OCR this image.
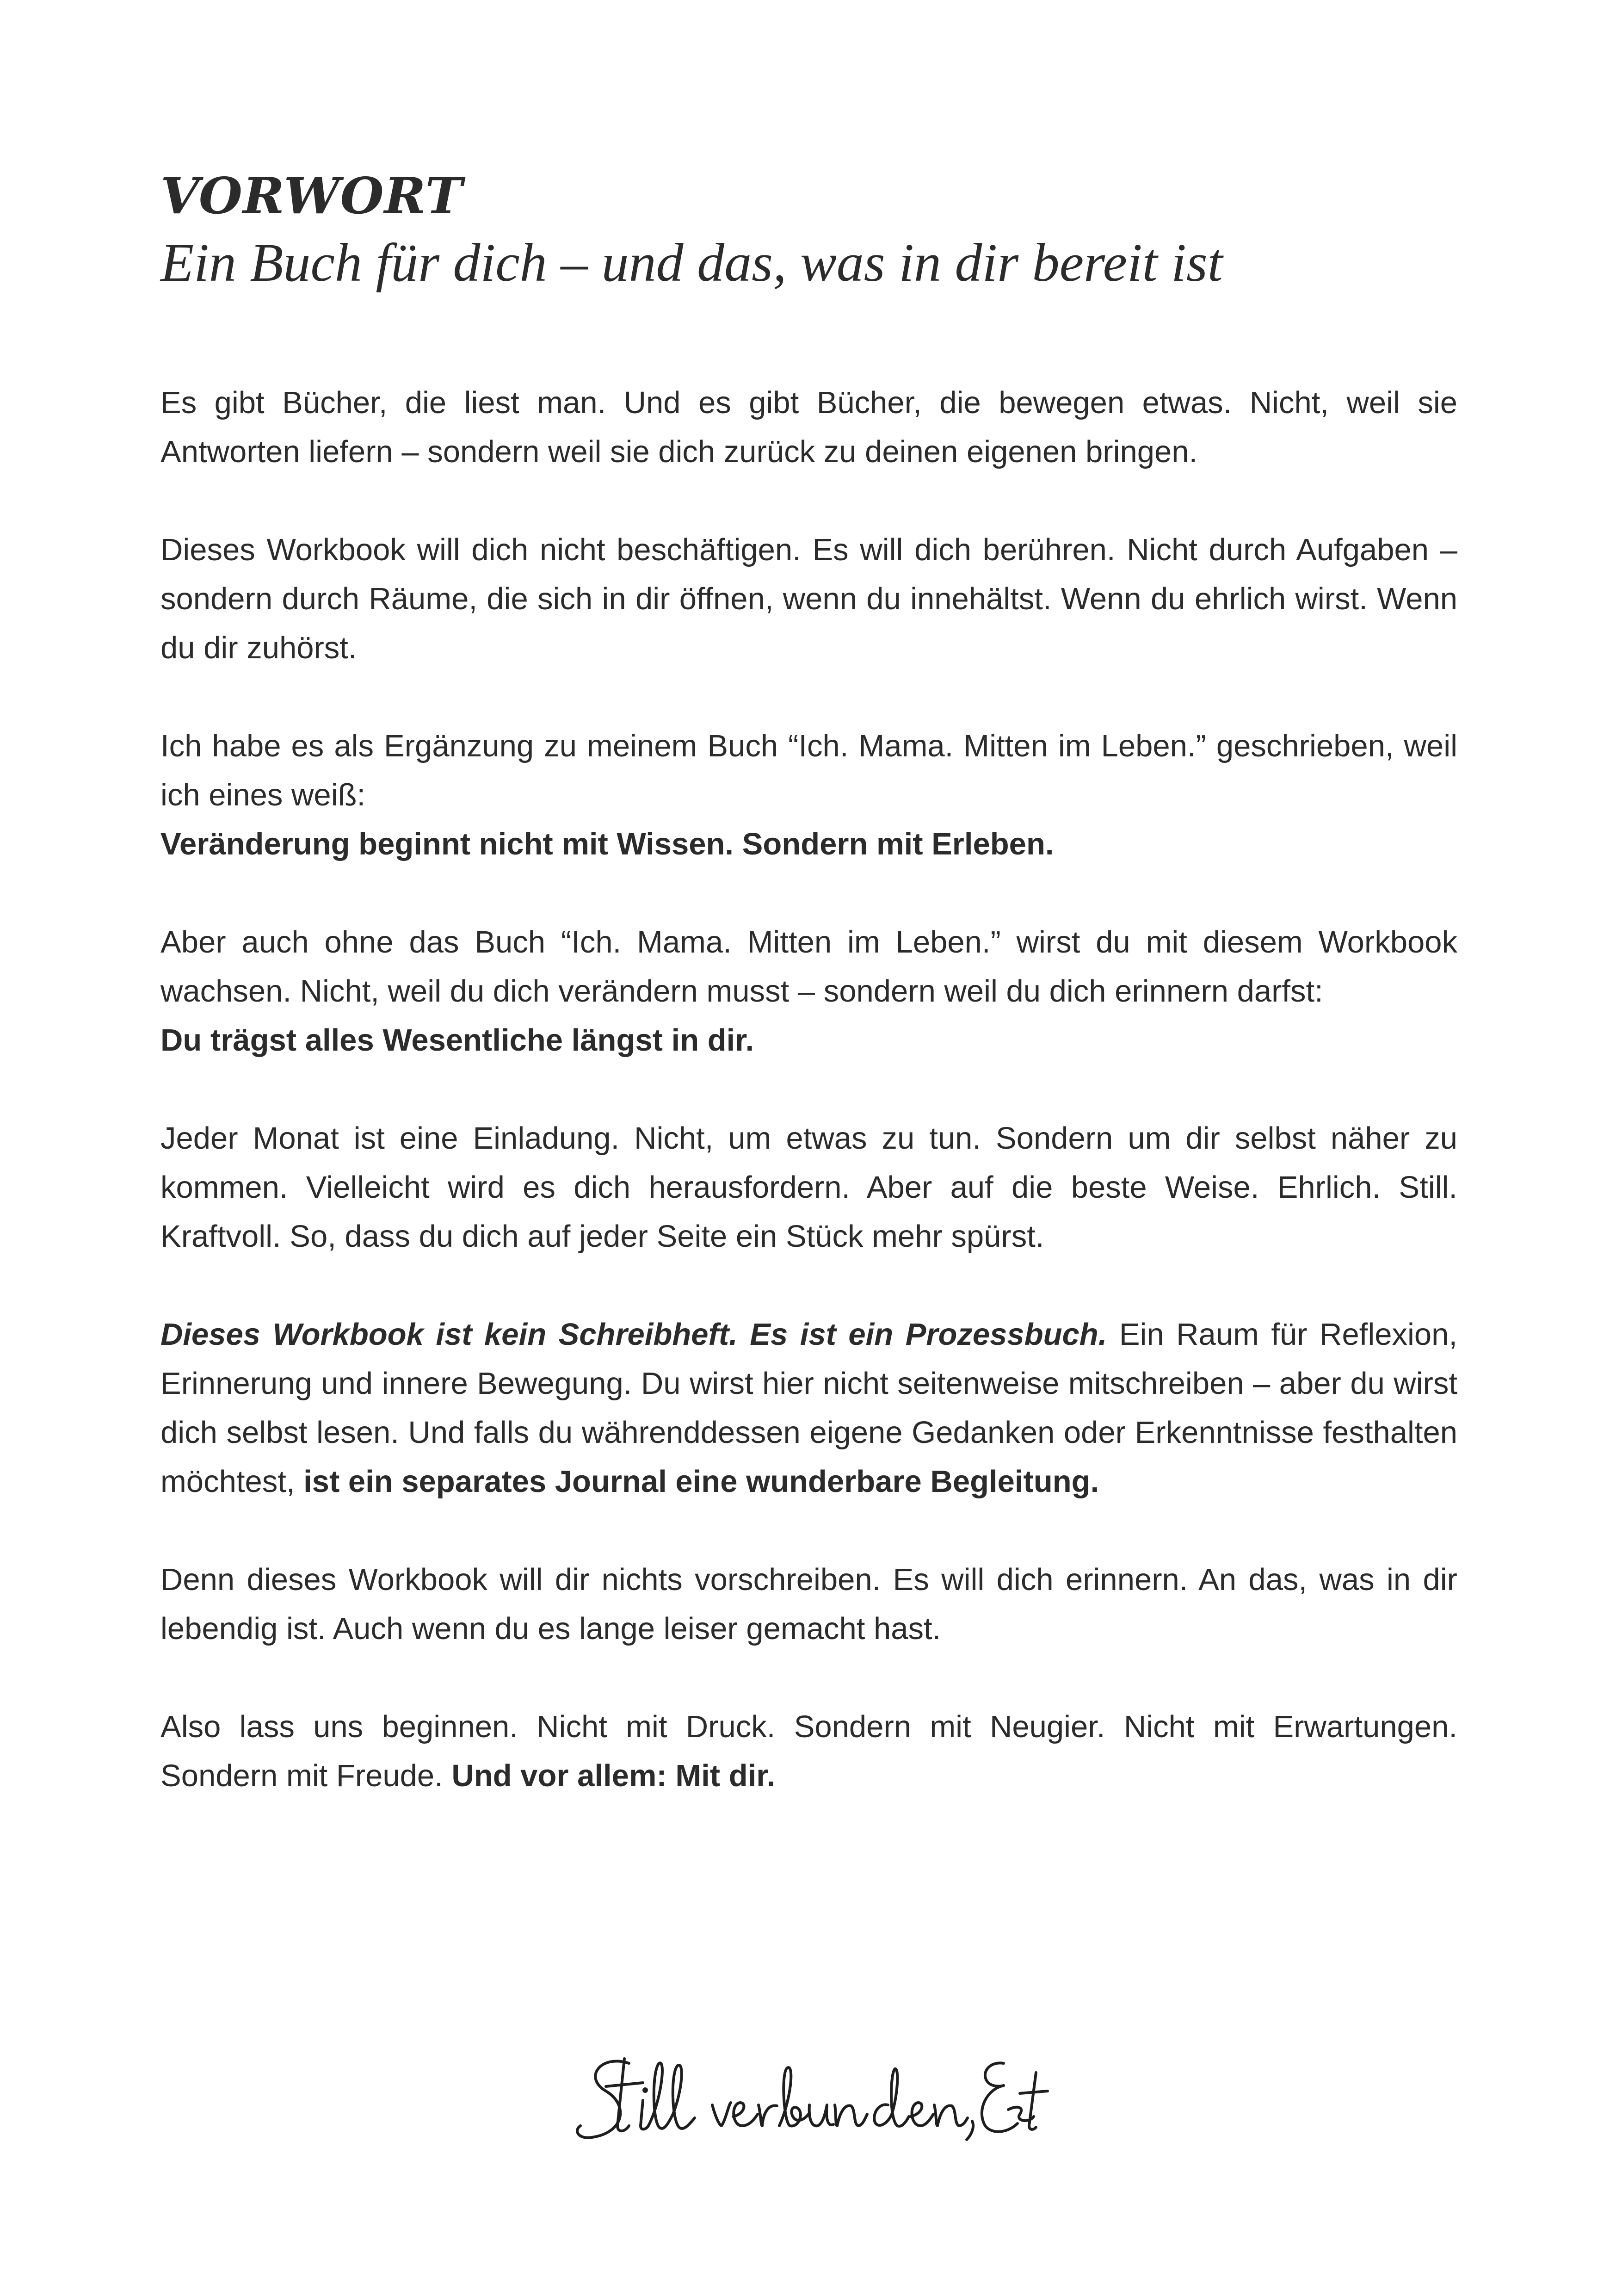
VORWORT
Ein Buch für dich – und das, was in dir bereit ist

Es gibt Bücher, die liest man. Und es gibt Bücher, die bewegen etwas. Nicht, weil sie Antworten liefern – sondern weil sie dich zurück zu deinen eigenen bringen.

Dieses Workbook will dich nicht beschäftigen. Es will dich berühren. Nicht durch Aufgaben – sondern durch Räume, die sich in dir öffnen, wenn du innehältst. Wenn du ehrlich wirst. Wenn du dir zuhörst.

Ich habe es als Ergänzung zu meinem Buch “Ich. Mama. Mitten im Leben.” geschrieben, weil ich eines weiß:
Veränderung beginnt nicht mit Wissen. Sondern mit Erleben.

Aber auch ohne das Buch “Ich. Mama. Mitten im Leben.” wirst du mit diesem Workbook wachsen. Nicht, weil du dich verändern musst – sondern weil du dich erinnern darfst:
Du trägst alles Wesentliche längst in dir.

Jeder Monat ist eine Einladung. Nicht, um etwas zu tun. Sondern um dir selbst näher zu kommen. Vielleicht wird es dich herausfordern. Aber auf die beste Weise. Ehrlich. Still. Kraftvoll. So, dass du dich auf jeder Seite ein Stück mehr spürst.

Dieses Workbook ist kein Schreibheft. Es ist ein Prozessbuch. Ein Raum für Reflexion, Erinnerung und innere Bewegung. Du wirst hier nicht seitenweise mitschreiben – aber du wirst dich selbst lesen. Und falls du währenddessen eigene Gedanken oder Erkenntnisse festhalten möchtest, ist ein separates Journal eine wunderbare Begleitung.

Denn dieses Workbook will dir nichts vorschreiben. Es will dich erinnern. An das, was in dir lebendig ist. Auch wenn du es lange leiser gemacht hast.

Also lass uns beginnen. Nicht mit Druck. Sondern mit Neugier. Nicht mit Erwartungen. Sondern mit Freude. Und vor allem: Mit dir.
